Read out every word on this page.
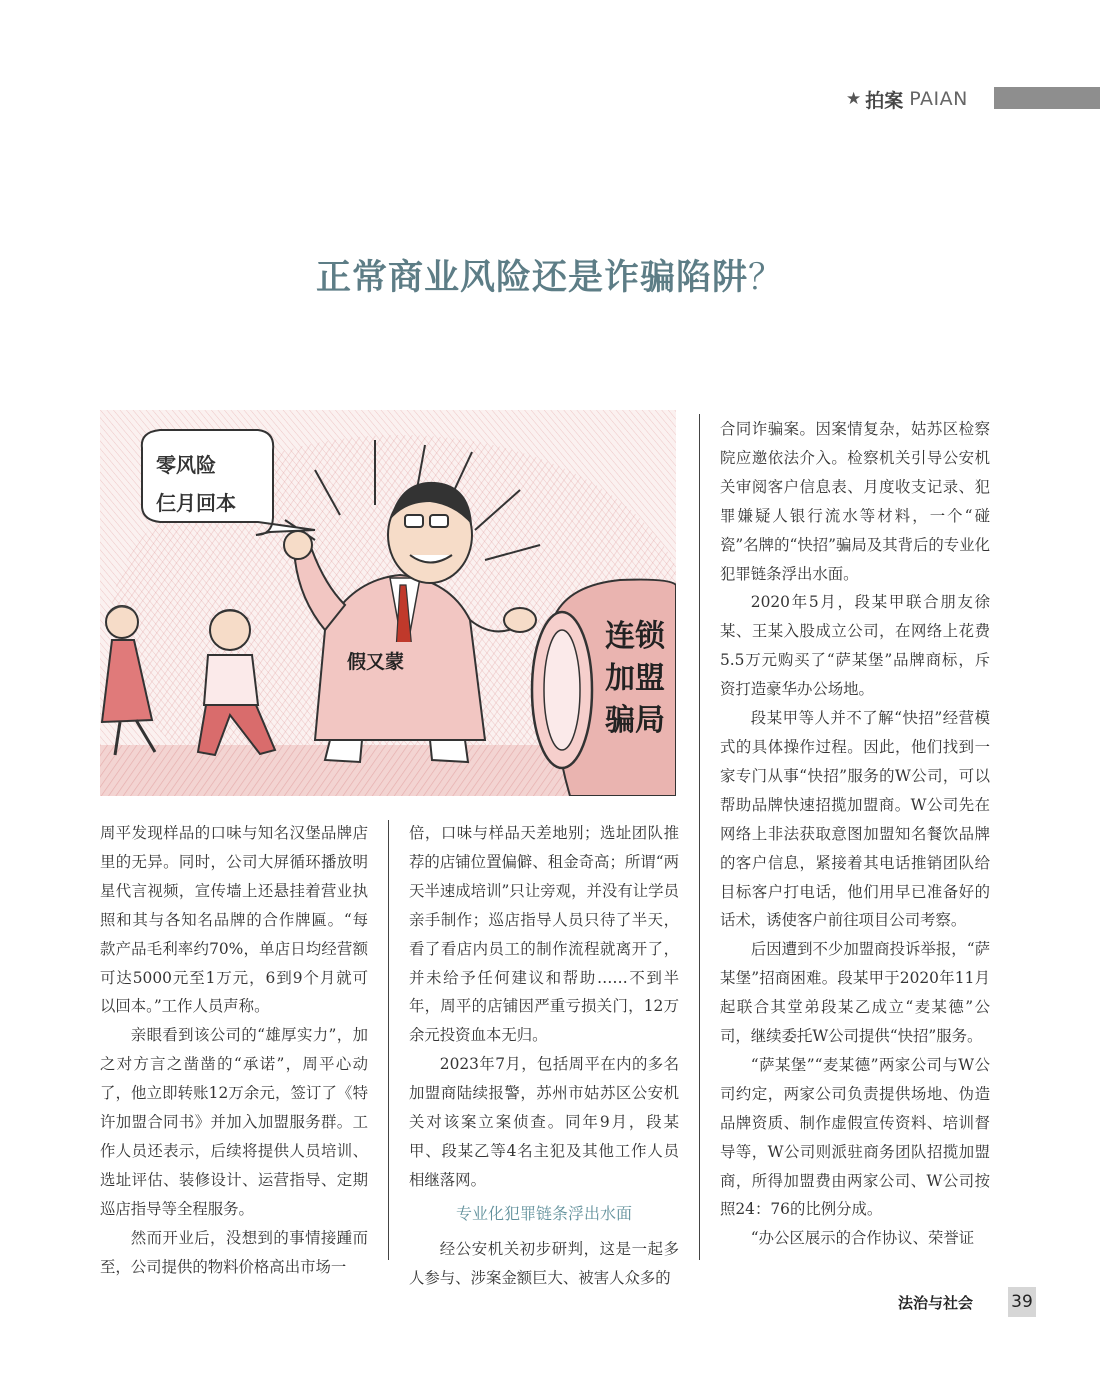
★ 拍案 PAIAN
正常商业风险还是诈骗陷阱？
零风险
仨月回本
假又蒙
连锁
加盟
骗局

周平发现样品的口味与知名汉堡品牌店里的无异。同时，公司大屏循环播放明星代言视频，宣传墙上还悬挂着营业执照和其与各知名品牌的合作牌匾。“每款产品毛利率约70%，单店日均经营额可达5000元至1万元，6到9个月就可以回本。”工作人员声称。

亲眼看到该公司的“雄厚实力”，加之对方言之凿凿的“承诺”，周平心动了，他立即转账12万余元，签订了《特许加盟合同书》并加入加盟服务群。工作人员还表示，后续将提供人员培训、选址评估、装修设计、运营指导、定期巡店指导等全程服务。

然而开业后，没想到的事情接踵而至，公司提供的物料价格高出市场一

倍，口味与样品天差地别；选址团队推荐的店铺位置偏僻、租金奇高；所谓“两天半速成培训”只让旁观，并没有让学员亲手制作；巡店指导人员只待了半天，看了看店内员工的制作流程就离开了，并未给予任何建议和帮助……不到半年，周平的店铺因严重亏损关门，12万余元投资血本无归。

2023年7月，包括周平在内的多名加盟商陆续报警，苏州市姑苏区公安机关对该案立案侦查。同年9月，段某甲、段某乙等4名主犯及其他工作人员相继落网。

专业化犯罪链条浮出水面

经公安机关初步研判，这是一起多人参与、涉案金额巨大、被害人众多的

合同诈骗案。因案情复杂，姑苏区检察院应邀依法介入。检察机关引导公安机关审阅客户信息表、月度收支记录、犯罪嫌疑人银行流水等材料，一个“碰瓷”名牌的“快招”骗局及其背后的专业化犯罪链条浮出水面。

2020年5月，段某甲联合朋友徐某、王某入股成立公司，在网络上花费5.5万元购买了“萨某堡”品牌商标，斥资打造豪华办公场地。

段某甲等人并不了解“快招”经营模式的具体操作过程。因此，他们找到一家专门从事“快招”服务的W公司，可以帮助品牌快速招揽加盟商。W公司先在网络上非法获取意图加盟知名餐饮品牌的客户信息，紧接着其电话推销团队给目标客户打电话，他们用早已准备好的话术，诱使客户前往项目公司考察。

后因遭到不少加盟商投诉举报，“萨某堡”招商困难。段某甲于2020年11月起联合其堂弟段某乙成立“麦某德”公司，继续委托W公司提供“快招”服务。

“萨某堡”“麦某德”两家公司与W公司约定，两家公司负责提供场地、伪造品牌资质、制作虚假宣传资料、培训督导等，W公司则派驻商务团队招揽加盟商，所得加盟费由两家公司、W公司按照24：76的比例分成。

“办公区展示的合作协议、荣誉证

法治与社会 39
